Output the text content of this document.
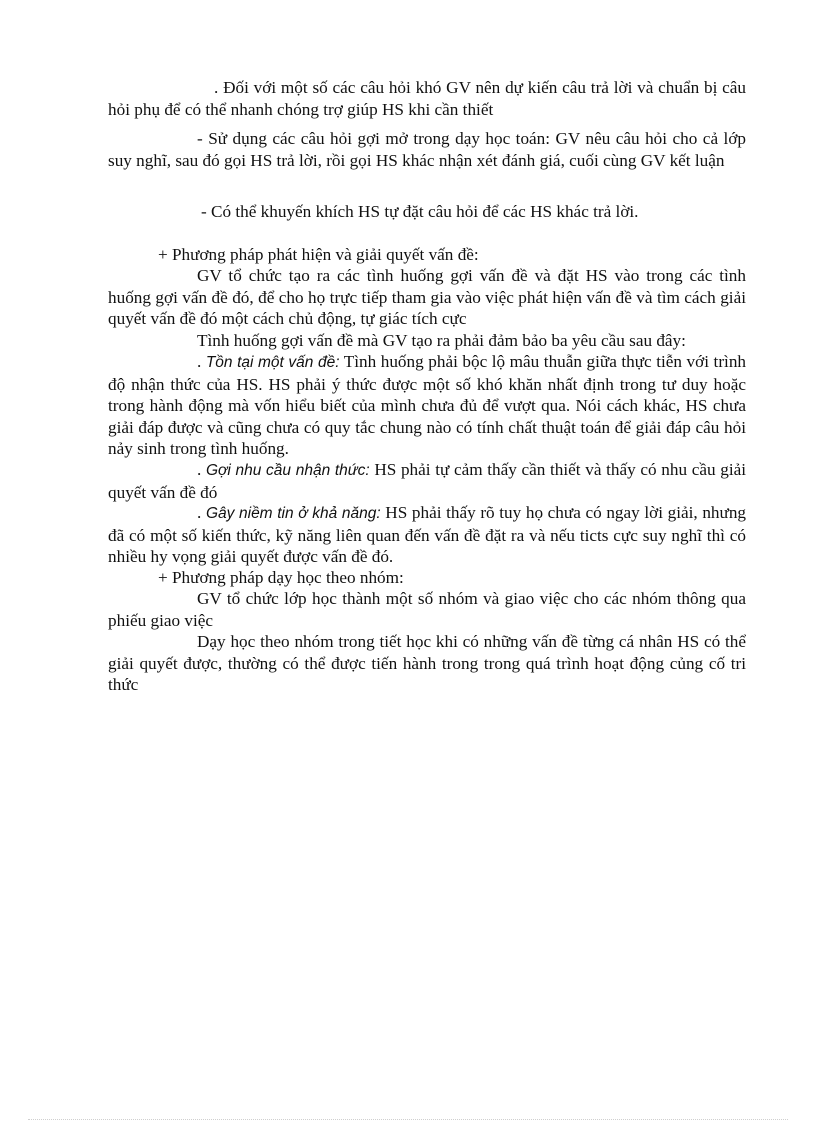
. Đối với một số các câu hỏi khó GV nên dự kiến câu trả lời và chuẩn bị câu hỏi phụ để có thể nhanh chóng trợ giúp HS khi cần thiết

- Sử dụng các câu hỏi gợi mở trong dạy học toán: GV nêu câu hỏi cho cả lớp suy nghĩ, sau đó gọi HS trả lời, rồi gọi HS khác nhận xét đánh giá, cuối cùng GV kết luận

- Có thể khuyến khích HS tự đặt câu hỏi để các HS khác trả lời.

+ Phương pháp phát hiện và giải quyết vấn đề:

GV tổ chức tạo ra các tình huống gợi vấn đề và đặt HS vào trong các tình huống gợi vấn đề đó, để cho họ trực tiếp tham gia vào việc phát hiện vấn đề và tìm cách giải quyết vấn đề đó một cách chủ động, tự giác tích cực

Tình huống gợi vấn đề mà GV tạo ra phải đảm bảo ba yêu cầu sau đây:

. Tồn tại một vấn đề: Tình huống phải bộc lộ mâu thuẫn giữa thực tiễn với trình độ nhận thức của HS. HS phải ý thức được một số khó khăn nhất định trong tư duy hoặc trong hành động mà vốn hiểu biết của mình chưa đủ để vượt qua. Nói cách khác, HS chưa giải đáp được và cũng chưa có quy tắc chung nào có tính chất thuật toán để giải đáp câu hỏi nảy sinh trong tình huống.

. Gợi nhu cầu nhận thức: HS phải tự cảm thấy cần thiết và thấy có nhu cầu giải quyết vấn đề đó

. Gây niềm tin ở khả năng: HS phải thấy rõ tuy họ chưa có ngay lời giải, nhưng đã có một số kiến thức, kỹ năng liên quan đến vấn đề đặt ra và nếu ticts cực suy nghĩ thì có nhiều hy vọng giải quyết được vấn đề đó.

+ Phương pháp dạy học theo nhóm:

GV tổ chức lớp học thành một số nhóm và giao việc cho các nhóm thông qua phiếu giao việc

Dạy học theo nhóm trong tiết học khi có những vấn đề từng cá nhân HS có thể giải quyết được, thường có thể được tiến hành trong trong quá trình hoạt động củng cố tri thức
